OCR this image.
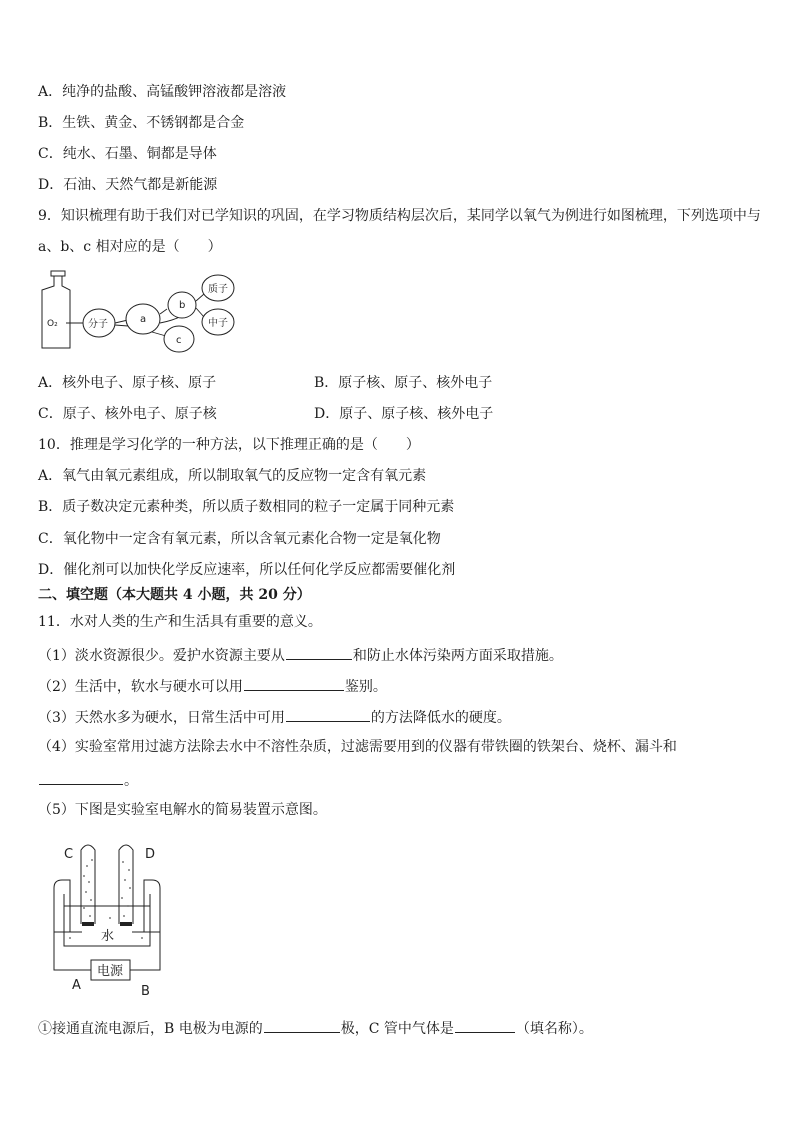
A．纯净的盐酸、高锰酸钾溶液都是溶液
B．生铁、黄金、不锈钢都是合金
C．纯水、石墨、铜都是导体
D．石油、天然气都是新能源
9．知识梳理有助于我们对已学知识的巩固，在学习物质结构层次后，某同学以氧气为例进行如图梳理，下列选项中与
a、b、c 相对应的是（　　）
O₂	分子	a
b
c
质子
中子
A．核外电子、原子核、原子	B．原子核、原子、核外电子
C．原子、核外电子、原子核	D．原子、原子核、核外电子
10．推理是学习化学的一种方法，以下推理正确的是（　　）
A．氧气由氧元素组成，所以制取氧气的反应物一定含有氧元素
B．质子数决定元素种类，所以质子数相同的粒子一定属于同种元素
C．氧化物中一定含有氧元素，所以含氧元素化合物一定是氧化物
D．催化剂可以加快化学反应速率，所以任何化学反应都需要催化剂
二、填空题（本大题共 4 小题，共 20 分）
11．水对人类的生产和生活具有重要的意义。
（1）淡水资源很少。爱护水资源主要从	和防止水体污染两方面采取措施。
（2）生活中，软水与硬水可以用	鉴别。
（3）天然水多为硬水，日常生活中可用	的方法降低水的硬度。
（4）实验室常用过滤方法除去水中不溶性杂质，过滤需要用到的仪器有带铁圈的铁架台、烧杯、漏斗和
。
（5）下图是实验室电解水的简易装置示意图。
C	D
水
电源
A	B
①接通直流电源后，B 电极为电源的	极，C 管中气体是	（填名称）。
